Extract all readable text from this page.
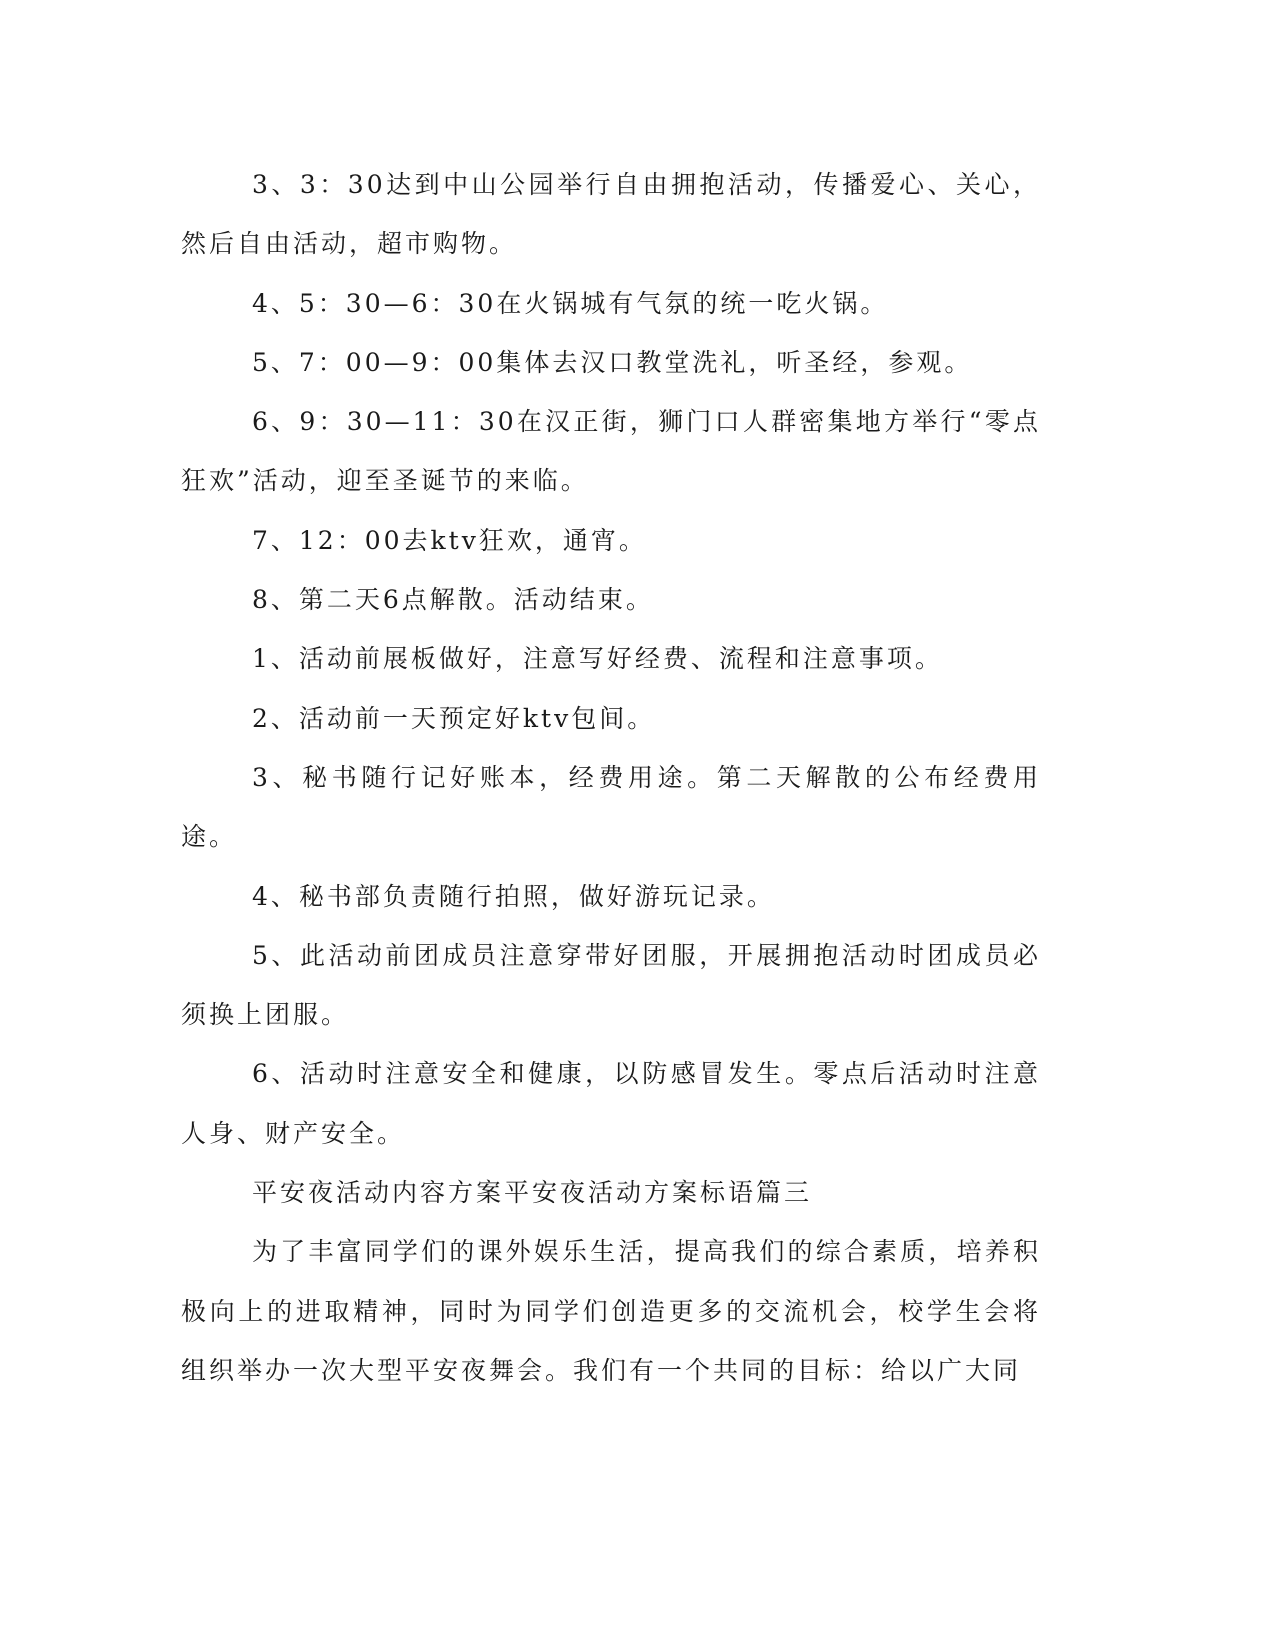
3、3：30达到中山公园举行自由拥抱活动，传播爱心、关心，然后自由活动，超市购物。

4、5：30—6：30在火锅城有气氛的统一吃火锅。

5、7：00—9：00集体去汉口教堂洗礼，听圣经，参观。

6、9：30—11：30在汉正街，狮门口人群密集地方举行“零点狂欢”活动，迎至圣诞节的来临。

7、12：00去ktv狂欢，通宵。

8、第二天6点解散。活动结束。

1、活动前展板做好，注意写好经费、流程和注意事项。

2、活动前一天预定好ktv包间。

3、秘书随行记好账本，经费用途。第二天解散的公布经费用途。

4、秘书部负责随行拍照，做好游玩记录。

5、此活动前团成员注意穿带好团服，开展拥抱活动时团成员必须换上团服。

6、活动时注意安全和健康，以防感冒发生。零点后活动时注意人身、财产安全。

平安夜活动内容方案平安夜活动方案标语篇三

为了丰富同学们的课外娱乐生活，提高我们的综合素质，培养积极向上的进取精神，同时为同学们创造更多的交流机会，校学生会将组织举办一次大型平安夜舞会。我们有一个共同的目标：给以广大同
